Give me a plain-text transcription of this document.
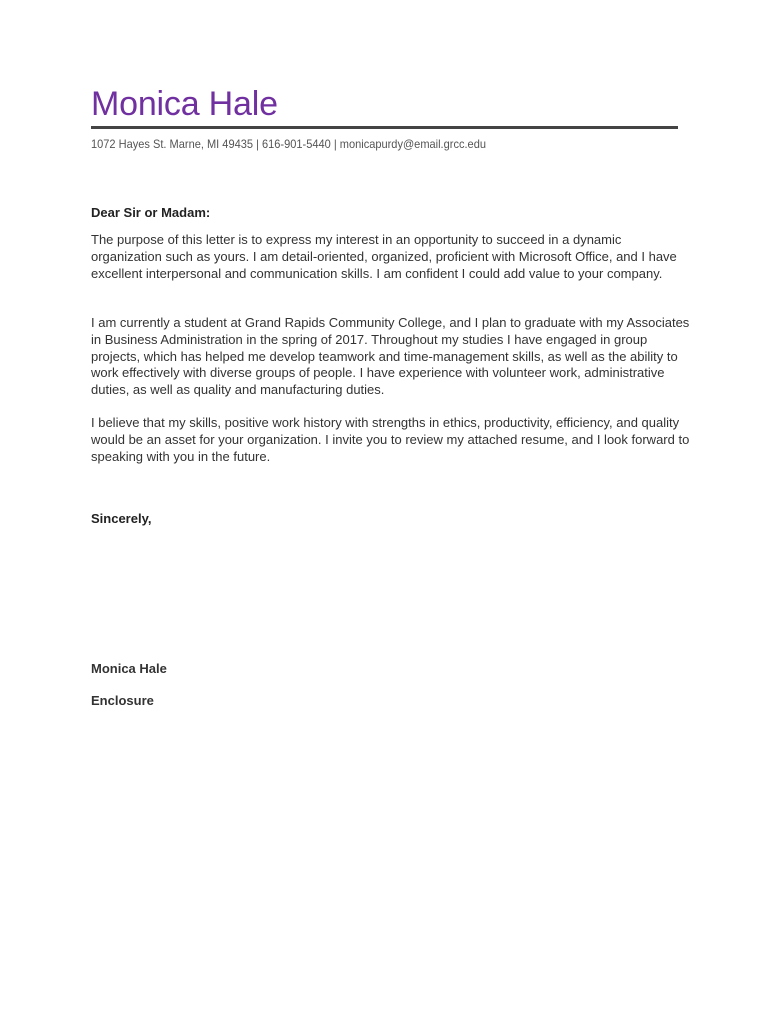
Monica Hale
1072 Hayes St. Marne, MI 49435 | 616-901-5440 | monicapurdy@email.grcc.edu
Dear Sir or Madam:

The purpose of this letter is to express my interest in an opportunity to succeed in a dynamic organization such as yours. I am detail-oriented, organized, proficient with Microsoft Office, and I have excellent interpersonal and communication skills. I am confident I could add value to your company.

I am currently a student at Grand Rapids Community College, and I plan to graduate with my Associates in Business Administration in the spring of 2017. Throughout my studies I have engaged in group projects, which has helped me develop teamwork and time-management skills, as well as the ability to work effectively with diverse groups of people. I have experience with volunteer work, administrative duties, as well as quality and manufacturing duties.

I believe that my skills, positive work history with strengths in ethics, productivity, efficiency, and quality would be an asset for your organization. I invite you to review my attached resume, and I look forward to speaking with you in the future.

Sincerely,
Monica Hale
Enclosure
